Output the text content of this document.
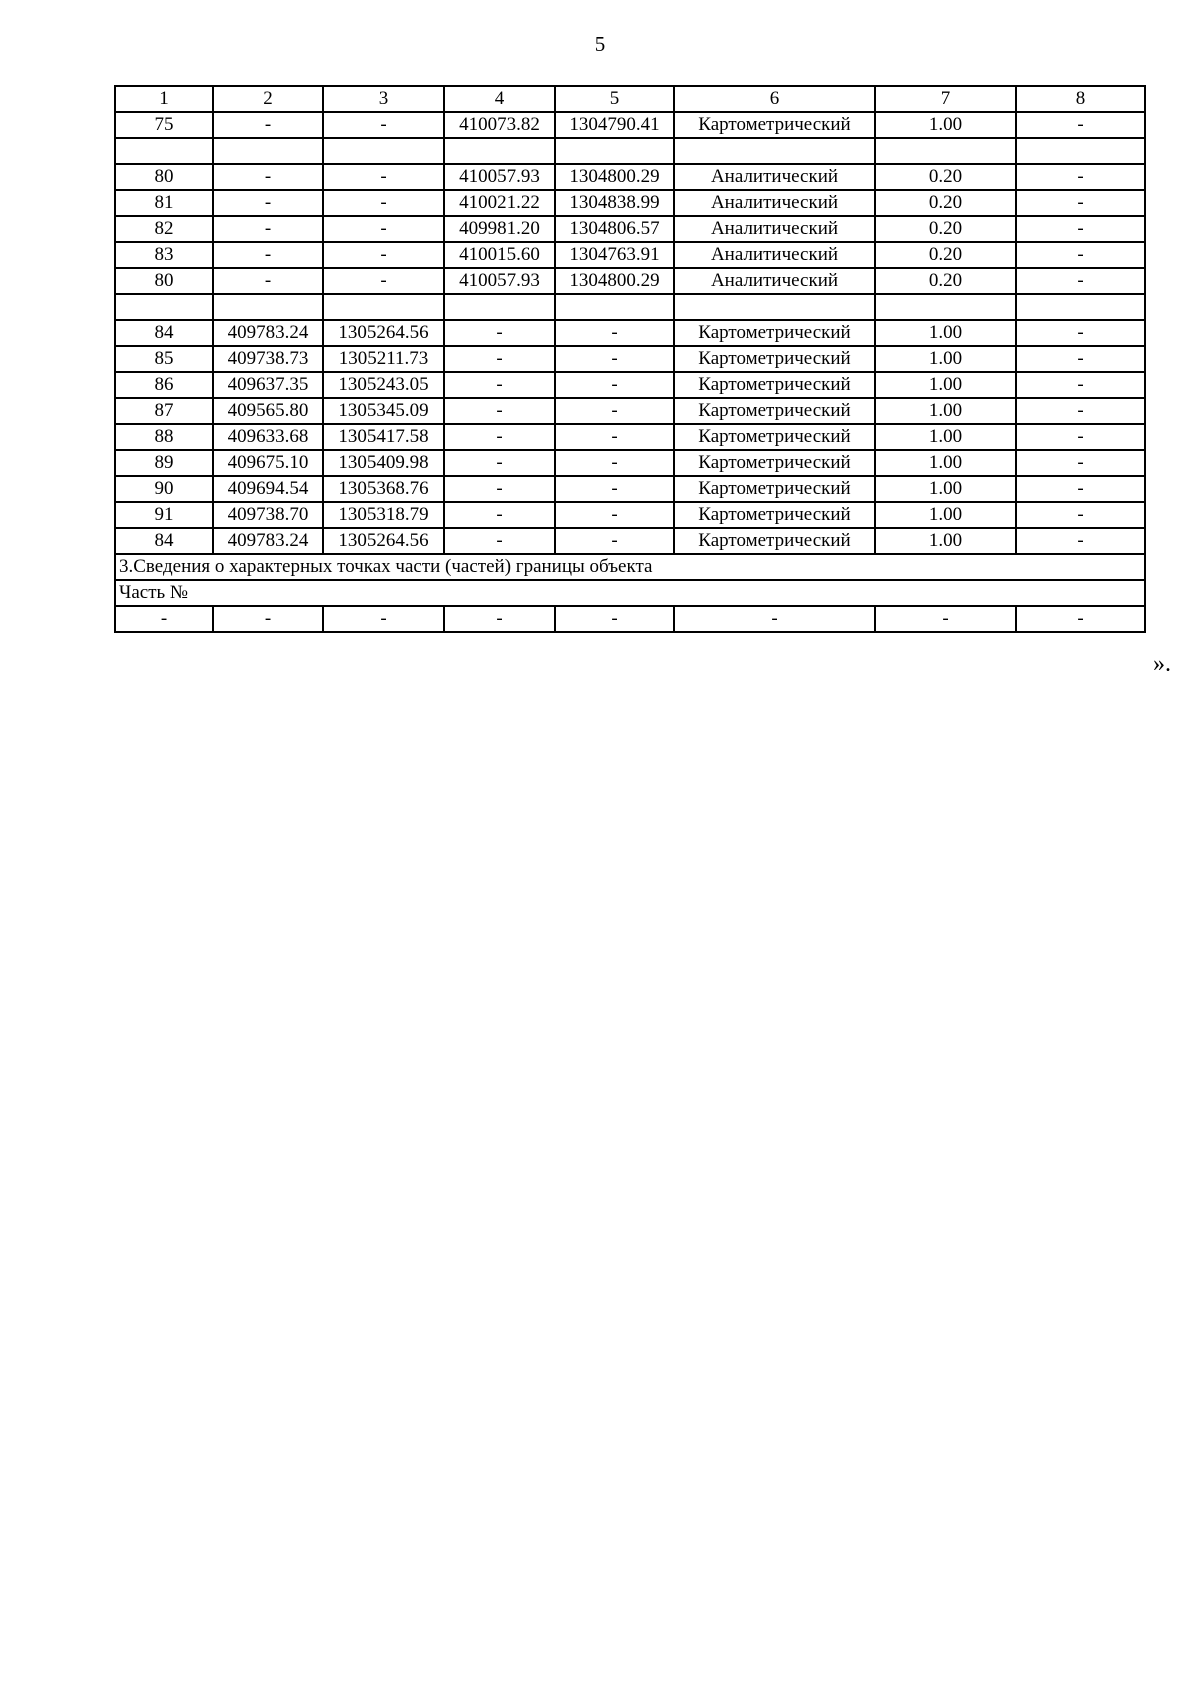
5
1	2	3	4	5	6	7	8
75	-	-	410073.82	1304790.41	Картометрический	1.00	-

80	-	-	410057.93	1304800.29	Аналитический	0.20	-
81	-	-	410021.22	1304838.99	Аналитический	0.20	-
82	-	-	409981.20	1304806.57	Аналитический	0.20	-
83	-	-	410015.60	1304763.91	Аналитический	0.20	-
80	-	-	410057.93	1304800.29	Аналитический	0.20	-

84	409783.24	1305264.56	-	-	Картометрический	1.00	-
85	409738.73	1305211.73	-	-	Картометрический	1.00	-
86	409637.35	1305243.05	-	-	Картометрический	1.00	-
87	409565.80	1305345.09	-	-	Картометрический	1.00	-
88	409633.68	1305417.58	-	-	Картометрический	1.00	-
89	409675.10	1305409.98	-	-	Картометрический	1.00	-
90	409694.54	1305368.76	-	-	Картометрический	1.00	-
91	409738.70	1305318.79	-	-	Картометрический	1.00	-
84	409783.24	1305264.56	-	-	Картометрический	1.00	-
3.Сведения о характерных точках части (частей) границы объекта							
Часть №							
-	-	-	-	-	-	-	-
».
